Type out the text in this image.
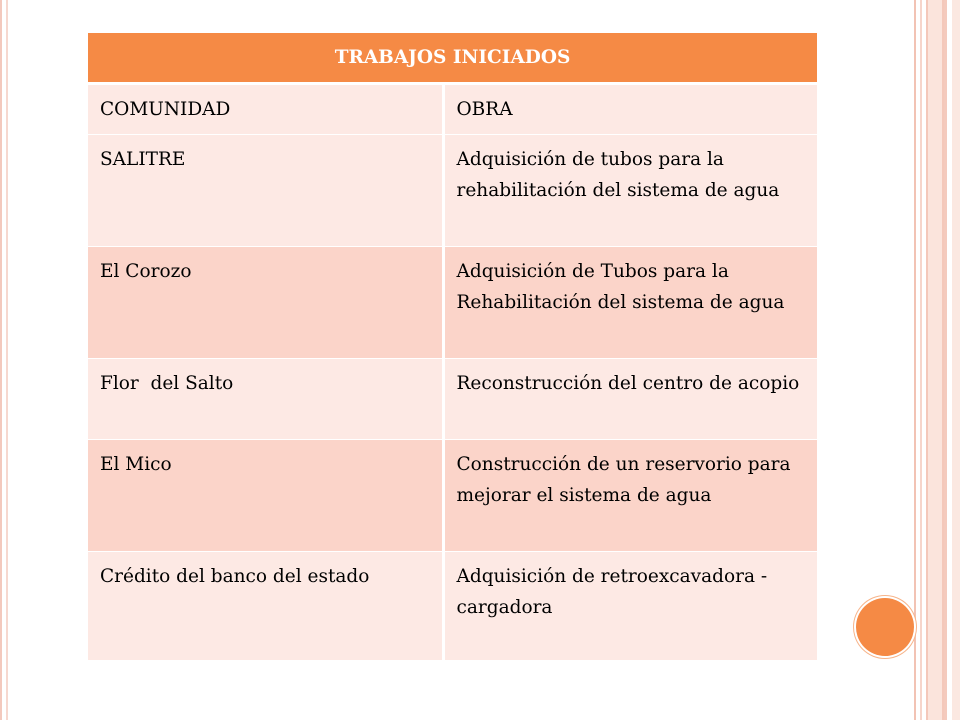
TRABAJOS INICIADOS	
COMUNIDAD	OBRA
SALITRE	Adquisición de tubos para la rehabilitación del sistema de agua
El Corozo	Adquisición de Tubos para la Rehabilitación del sistema de agua
Flor  del Salto	Reconstrucción del centro de acopio
El Mico	Construcción de un reservorio para mejorar el sistema de agua
Crédito del banco del estado	Adquisición de retroexcavadora - cargadora
